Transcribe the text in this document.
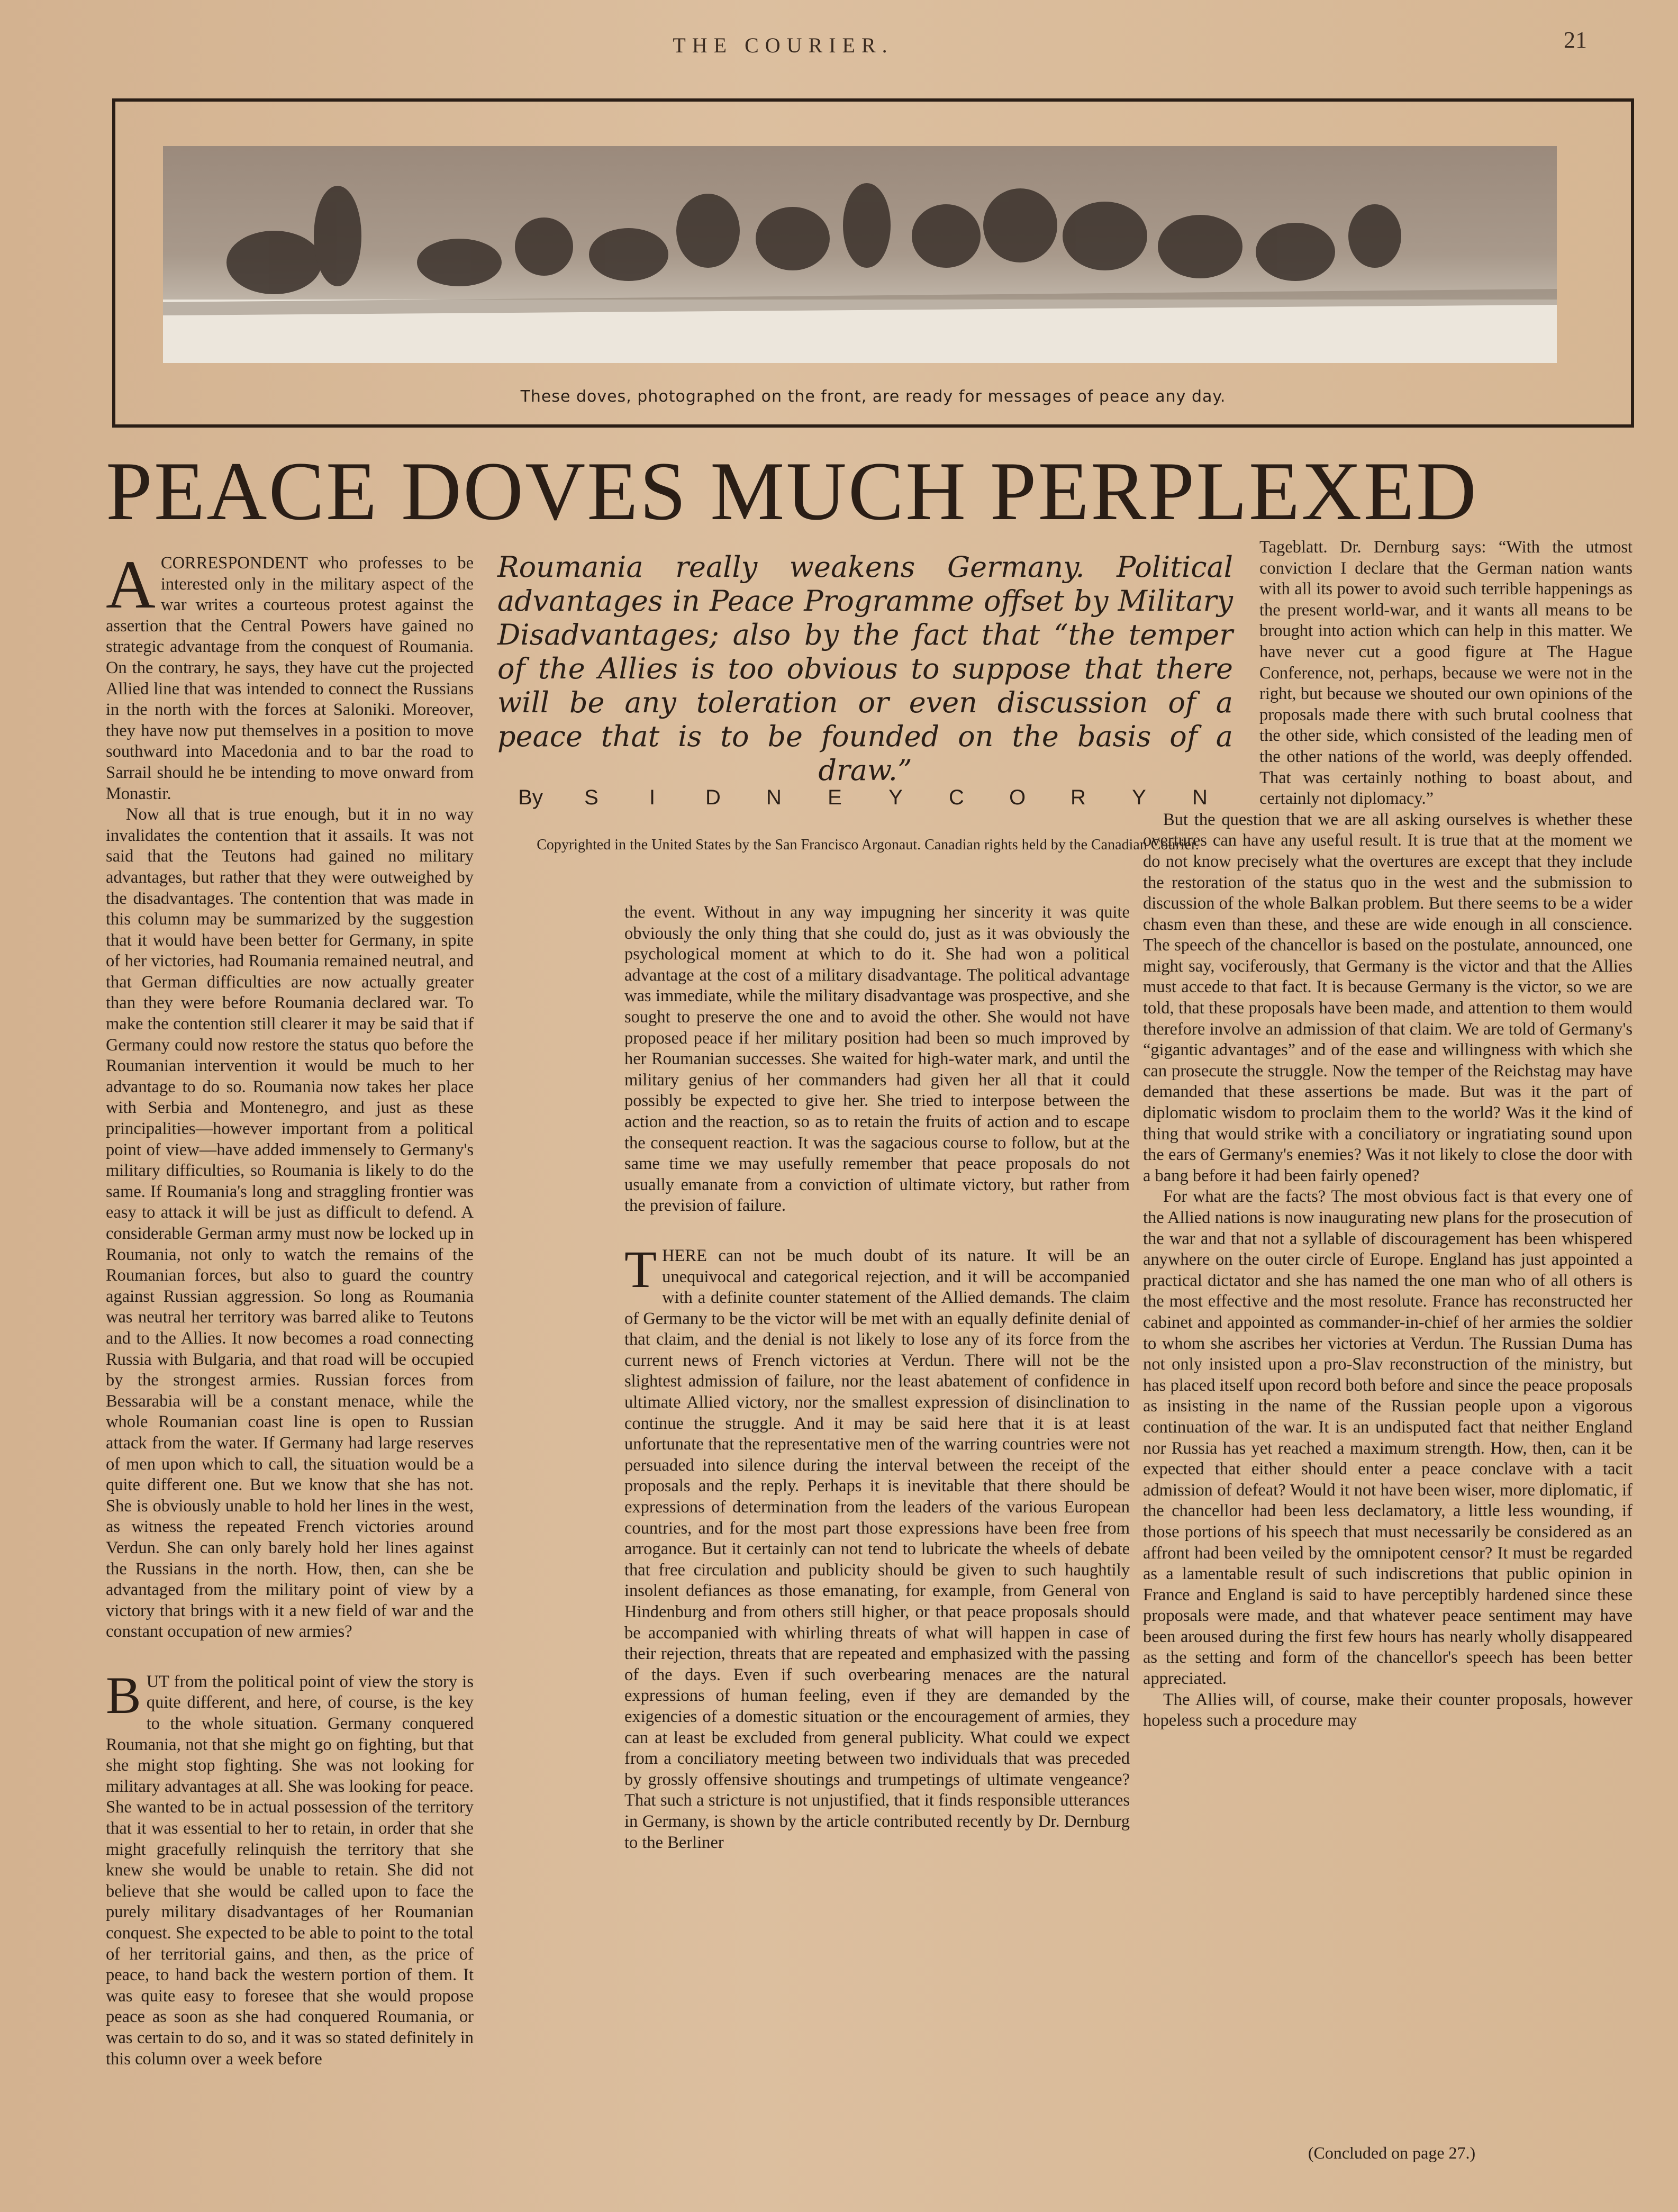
THE COURIER.	21
These doves, photographed on the front, are ready for messages of peace any day.
PEACE DOVES MUCH PERPLEXED

ACORRESPONDENT who professes to be interested only in the military aspect of the war writes a courteous protest against the assertion that the Central Powers have gained no strategic advantage from the conquest of Roumania. On the contrary, he says, they have cut the projected Allied line that was intended to connect the Russians in the north with the forces at Saloniki. Moreover, they have now put themselves in a position to move southward into Macedonia and to bar the road to Sarrail should he be intending to move onward from Monastir.

Now all that is true enough, but it in no way invalidates the contention that it assails. It was not said that the Teutons had gained no military advantages, but rather that they were outweighed by the disadvantages. The contention that was made in this column may be summarized by the suggestion that it would have been better for Germany, in spite of her victories, had Roumania remained neutral, and that German difficulties are now actually greater than they were before Roumania declared war. To make the contention still clearer it may be said that if Germany could now restore the status quo before the Roumanian intervention it would be much to her advantage to do so. Roumania now takes her place with Serbia and Montenegro, and just as these principalities—however important from a political point of view—have added immensely to Germany's military difficulties, so Roumania is likely to do the same. If Roumania's long and straggling frontier was easy to attack it will be just as difficult to defend. A considerable German army must now be locked up in Roumania, not only to watch the remains of the Roumanian forces, but also to guard the country against Russian aggression. So long as Roumania was neutral her territory was barred alike to Teutons and to the Allies. It now becomes a road connecting Russia with Bulgaria, and that road will be occupied by the strongest armies. Russian forces from Bessarabia will be a constant menace, while the whole Roumanian coast line is open to Russian attack from the water. If Germany had large reserves of men upon which to call, the situation would be a quite different one. But we know that she has not. She is obviously unable to hold her lines in the west, as witness the repeated French victories around Verdun. She can only barely hold her lines against the Russians in the north. How, then, can she be advantaged from the military point of view by a victory that brings with it a new field of war and the constant occupation of new armies?

BUT from the political point of view the story is quite different, and here, of course, is the key to the whole situation. Germany conquered Roumania, not that she might go on fighting, but that she might stop fighting. She was not looking for military advantages at all. She was looking for peace. She wanted to be in actual possession of the territory that it was essential to her to retain, in order that she might gracefully relinquish the territory that she knew she would be unable to retain. She did not believe that she would be called upon to face the purely military disadvantages of her Roumanian conquest. She expected to be able to point to the total of her territorial gains, and then, as the price of peace, to hand back the western portion of them. It was quite easy to foresee that she would propose peace as soon as she had conquered Roumania, or was certain to do so, and it was so stated definitely in this column over a week before

Roumania really weakens Germany. Political advantages in Peace Programme offset by Military Disadvantages; also by the fact that “the temper of the Allies is too obvious to suppose that there will be any toleration or even discussion of a peace that is to be founded on the basis of a draw.”
By	S	I	D	N	E	Y	C	O	R	Y	N
Copyrighted in the United States by the San Francisco Argonaut. Canadian rights held by the Canadian Courier.

the event. Without in any way impugning her sincerity it was quite obviously the only thing that she could do, just as it was obviously the psychological moment at which to do it. She had won a political advantage at the cost of a military disadvantage. The political advantage was immediate, while the military disadvantage was prospective, and she sought to preserve the one and to avoid the other. She would not have proposed peace if her military position had been so much improved by her Roumanian successes. She waited for high-water mark, and until the military genius of her commanders had given her all that it could possibly be expected to give her. She tried to interpose between the action and the reaction, so as to retain the fruits of action and to escape the consequent reaction. It was the sagacious course to follow, but at the same time we may usefully remember that peace proposals do not usually emanate from a conviction of ultimate victory, but rather from the prevision of failure.

THERE can not be much doubt of its nature. It will be an unequivocal and categorical rejection, and it will be accompanied with a definite counter statement of the Allied demands. The claim of Germany to be the victor will be met with an equally definite denial of that claim, and the denial is not likely to lose any of its force from the current news of French victories at Verdun. There will not be the slightest admission of failure, nor the least abatement of confidence in ultimate Allied victory, nor the smallest expression of disinclination to continue the struggle. And it may be said here that it is at least unfortunate that the representative men of the warring countries were not persuaded into silence during the interval between the receipt of the proposals and the reply. Perhaps it is inevitable that there should be expressions of determination from the leaders of the various European countries, and for the most part those expressions have been free from arrogance. But it certainly can not tend to lubricate the wheels of debate that free circulation and publicity should be given to such haughtily insolent defiances as those emanating, for example, from General von Hindenburg and from others still higher, or that peace proposals should be accompanied with whirling threats of what will happen in case of their rejection, threats that are repeated and emphasized with the passing of the days. Even if such overbearing menaces are the natural expressions of human feeling, even if they are demanded by the exigencies of a domestic situation or the encouragement of armies, they can at least be excluded from general publicity. What could we expect from a conciliatory meeting between two individuals that was preceded by grossly offensive shoutings and trumpetings of ultimate vengeance? That such a stricture is not unjustified, that it finds responsible utterances in Germany, is shown by the article contributed recently by Dr. Dernburg to the Berliner

Tageblatt. Dr. Dernburg says: “With the utmost conviction I declare that the German nation wants with all its power to avoid such terrible happenings as the present world-war, and it wants all means to be brought into action which can help in this matter. We have never cut a good figure at The Hague Conference, not, perhaps, because we were not in the right, but because we shouted our own opinions of the proposals made there with such brutal coolness that the other side, which consisted of the leading men of the other nations of the world, was deeply offended. That was certainly nothing to boast about, and certainly not diplomacy.”

But the question that we are all asking ourselves is whether these overtures can have any useful result. It is true that at the moment we do not know precisely what the overtures are except that they include the restoration of the status quo in the west and the submission to discussion of the whole Balkan problem. But there seems to be a wider chasm even than these, and these are wide enough in all conscience. The speech of the chancellor is based on the postulate, announced, one might say, vociferously, that Germany is the victor and that the Allies must accede to that fact. It is because Germany is the victor, so we are told, that these proposals have been made, and attention to them would therefore involve an admission of that claim. We are told of Germany's “gigantic advantages” and of the ease and willingness with which she can prosecute the struggle. Now the temper of the Reichstag may have demanded that these assertions be made. But was it the part of diplomatic wisdom to proclaim them to the world? Was it the kind of thing that would strike with a conciliatory or ingratiating sound upon the ears of Germany's enemies? Was it not likely to close the door with a bang before it had been fairly opened?

For what are the facts? The most obvious fact is that every one of the Allied nations is now inaugurating new plans for the prosecution of the war and that not a syllable of discouragement has been whispered anywhere on the outer circle of Europe. England has just appointed a practical dictator and she has named the one man who of all others is the most effective and the most resolute. France has reconstructed her cabinet and appointed as commander-in-chief of her armies the soldier to whom she ascribes her victories at Verdun. The Russian Duma has not only insisted upon a pro-Slav reconstruction of the ministry, but has placed itself upon record both before and since the peace proposals as insisting in the name of the Russian people upon a vigorous continuation of the war. It is an undisputed fact that neither England nor Russia has yet reached a maximum strength. How, then, can it be expected that either should enter a peace conclave with a tacit admission of defeat? Would it not have been wiser, more diplomatic, if the chancellor had been less declamatory, a little less wounding, if those portions of his speech that must necessarily be considered as an affront had been veiled by the omnipotent censor? It must be regarded as a lamentable result of such indiscretions that public opinion in France and England is said to have perceptibly hardened since these proposals were made, and that whatever peace sentiment may have been aroused during the first few hours has nearly wholly disappeared as the setting and form of the chancellor's speech has been better appreciated.

The Allies will, of course, make their counter proposals, however hopeless such a procedure may

(Concluded on page 27.)
